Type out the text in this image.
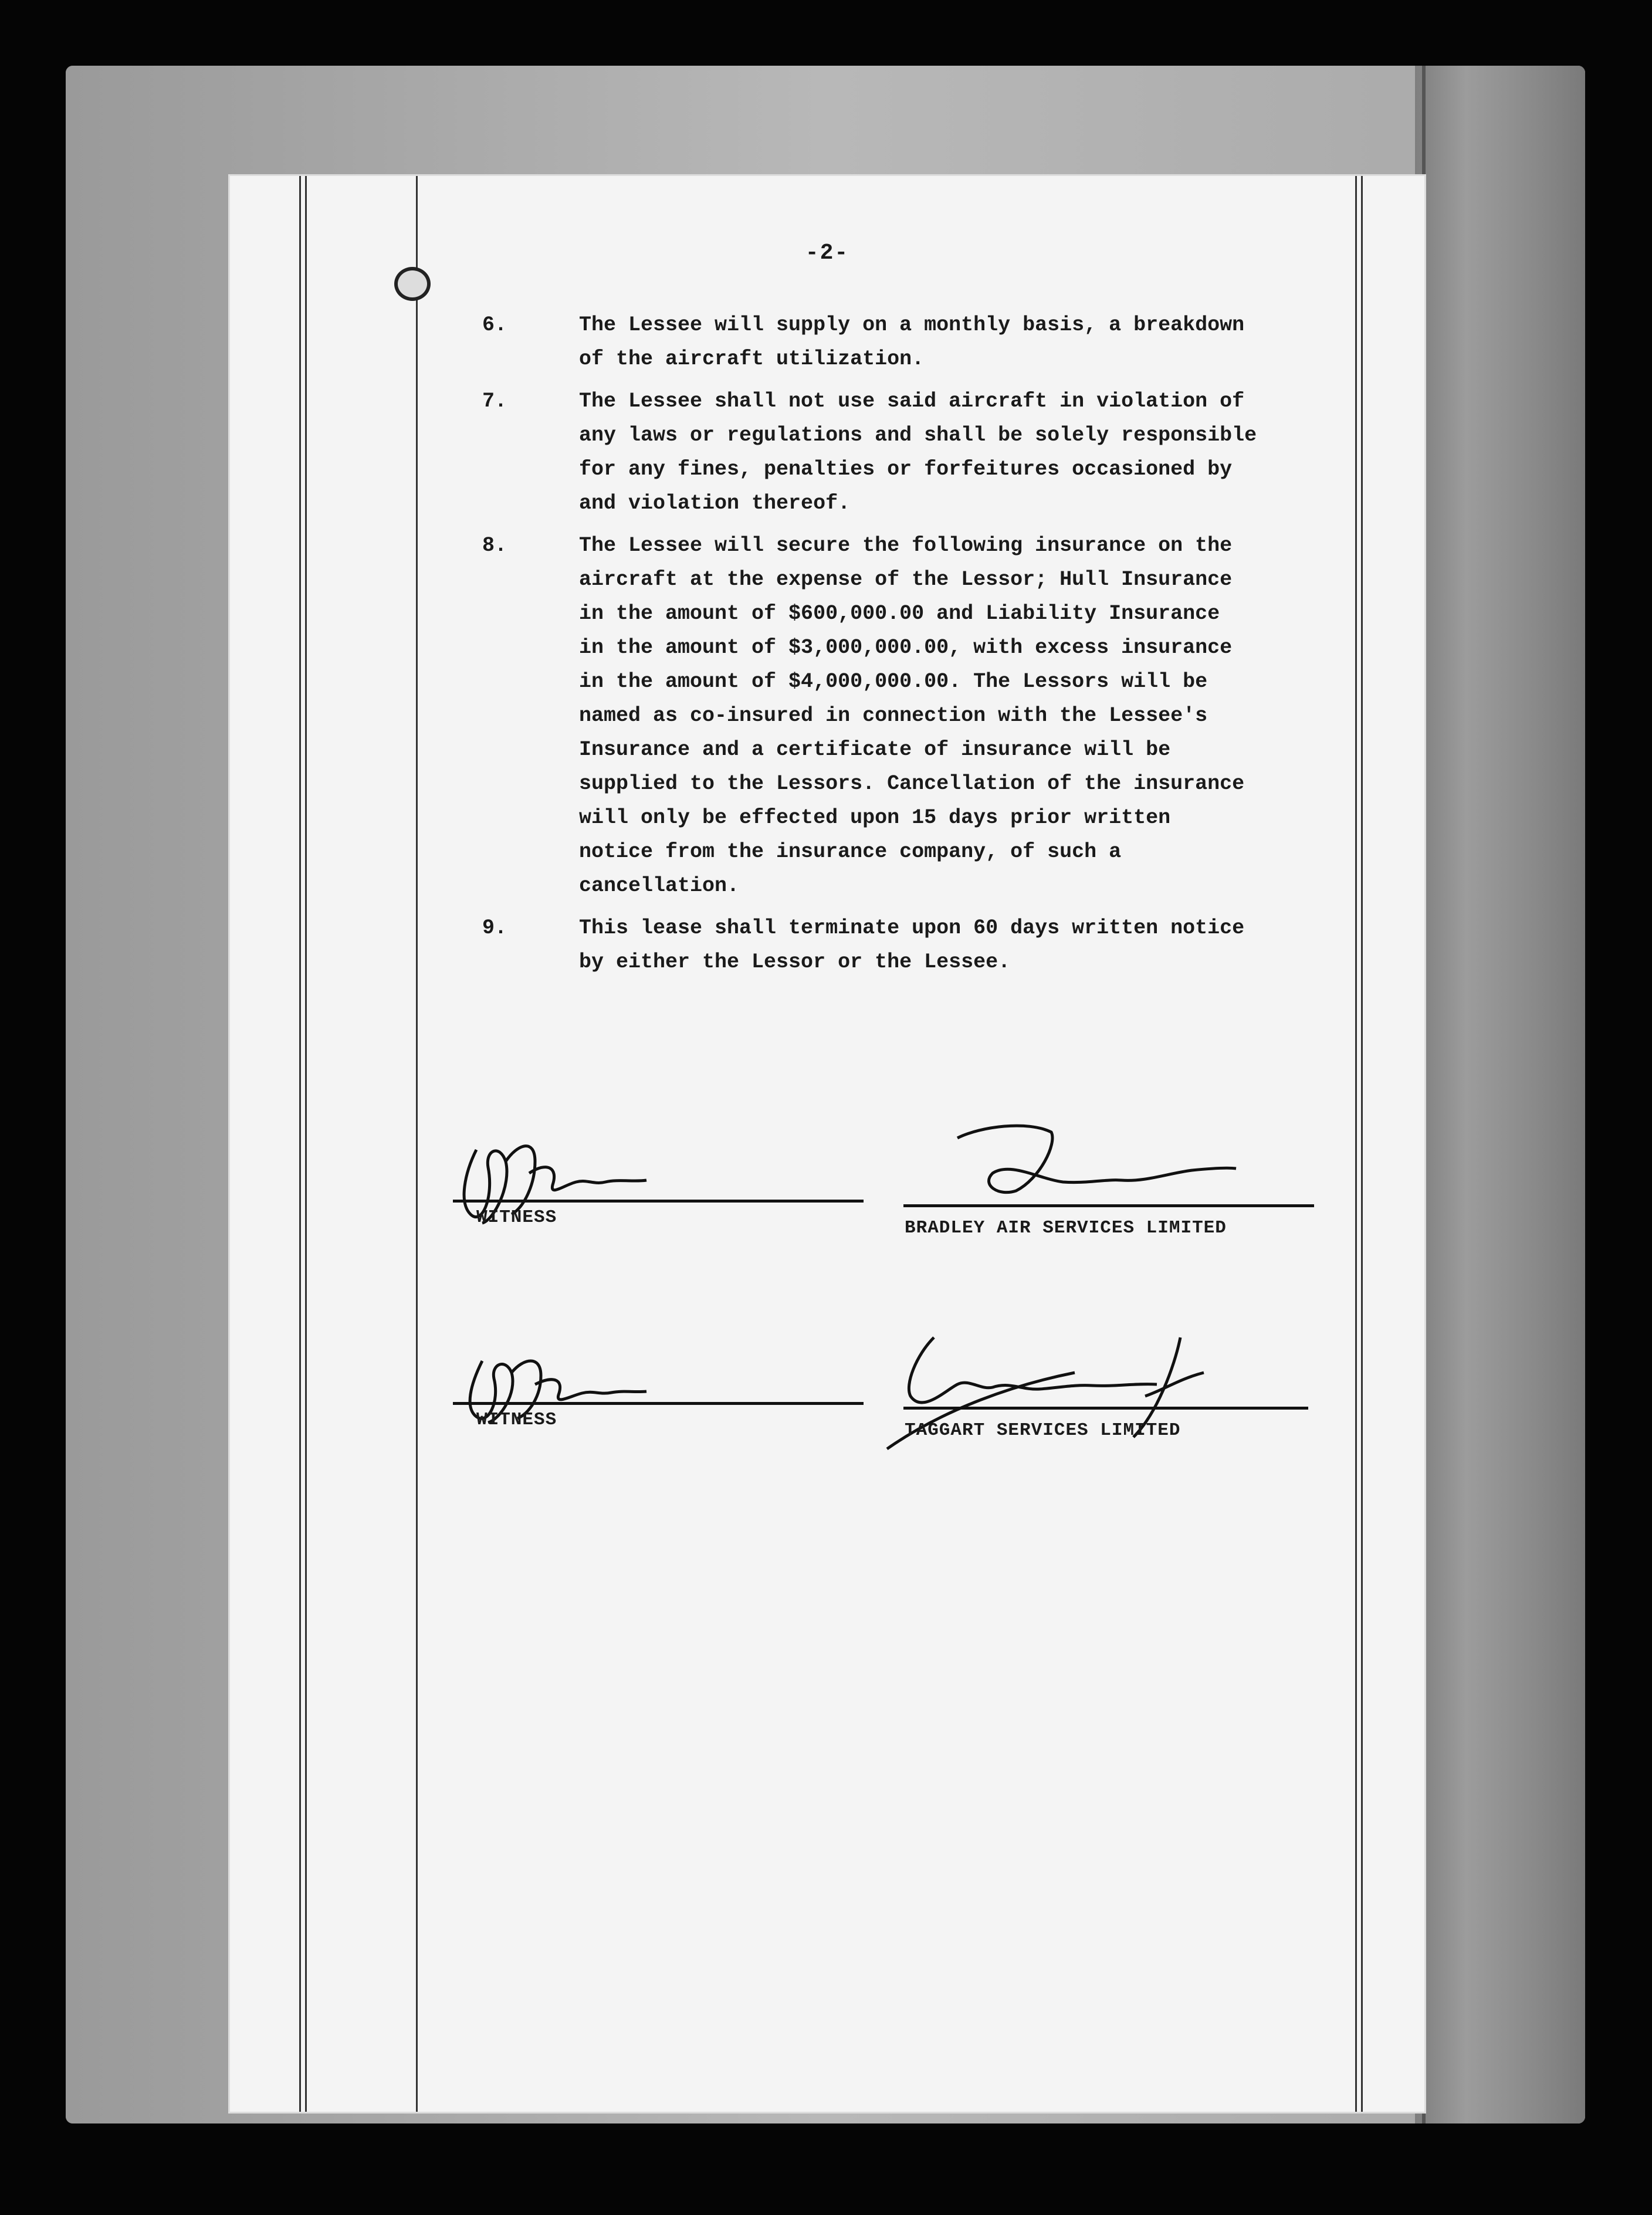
-2-
6.	The Lessee will supply on a monthly basis, a breakdown
of the aircraft utilization.
7.	The Lessee shall not use said aircraft in violation of
any laws or regulations and shall be solely responsible
for any fines, penalties or forfeitures occasioned by
and violation thereof.
8.	The Lessee will secure the following insurance on the
aircraft at the expense of the Lessor; Hull Insurance
in the amount of $600,000.00 and Liability Insurance
in the amount of $3,000,000.00, with excess insurance
in the amount of $4,000,000.00. The Lessors will be
named as co-insured in connection with the Lessee's
Insurance and a certificate of insurance will be
supplied to the Lessors. Cancellation of the insurance
will only be effected upon 15 days prior written
notice from the insurance company, of such a
cancellation.
9.	This lease shall terminate upon 60 days written notice
by either the Lessor or the Lessee.
WITNESS
BRADLEY AIR SERVICES LIMITED
WITNESS
TAGGART SERVICES LIMITED
